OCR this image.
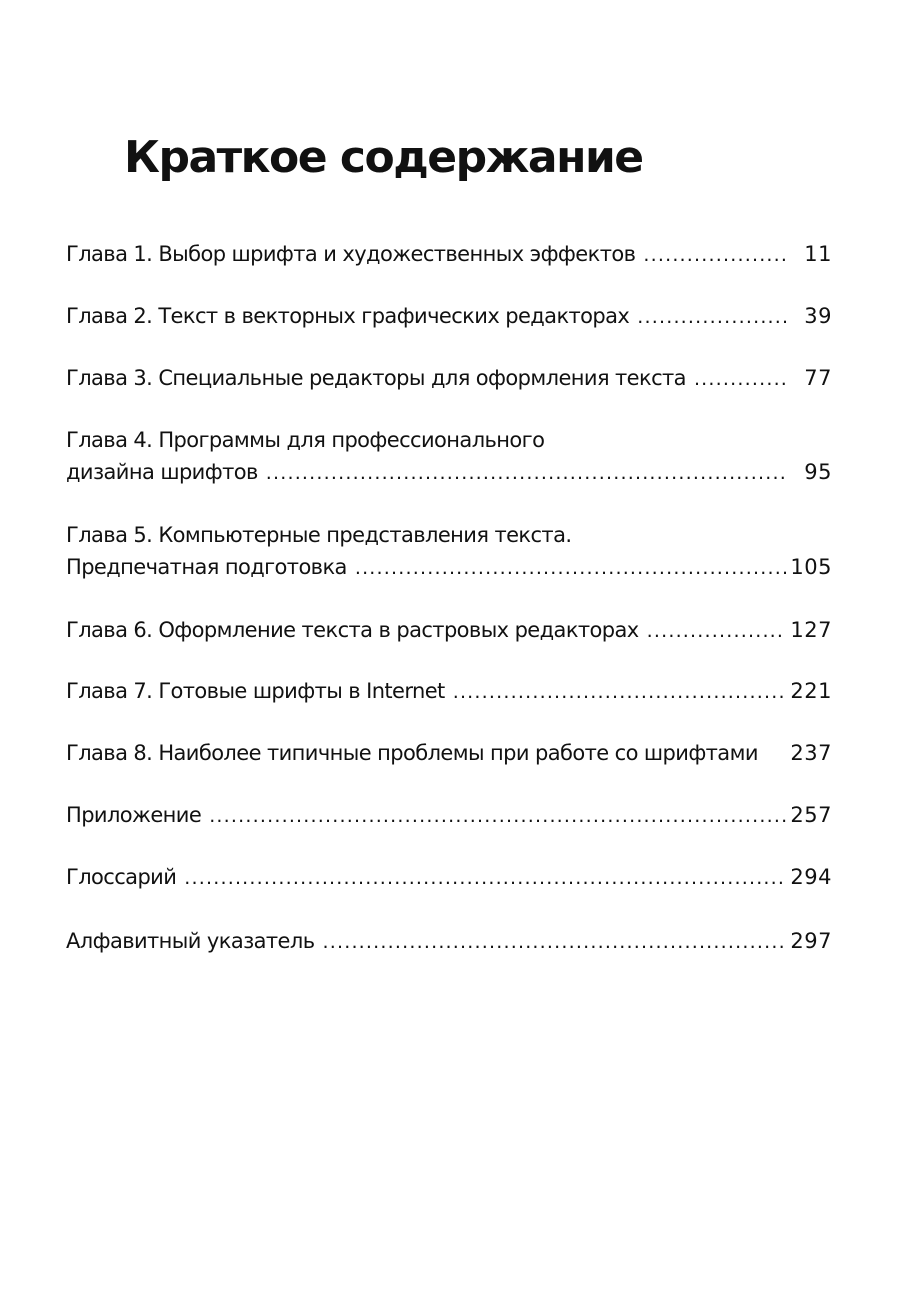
Краткое содержание
Глава 1. Выбор шрифта и художественных эффектов .....	11
Глава 2. Текст в векторных графических редакторах .....	39
Глава 3. Специальные редакторы для оформления текста .....	77
Глава 4. Программы для профессионального
дизайна шрифтов .....	95
Глава 5. Компьютерные представления текста.
Предпечатная подготовка .....	105
Глава 6. Оформление текста в растровых редакторах .....	127
Глава 7. Готовые шрифты в Internet .....	221
Глава 8. Наиболее типичные проблемы при работе со шрифтами 237
Приложение .....	257
Глоссарий .....	294
Алфавитный указатель .....	297
